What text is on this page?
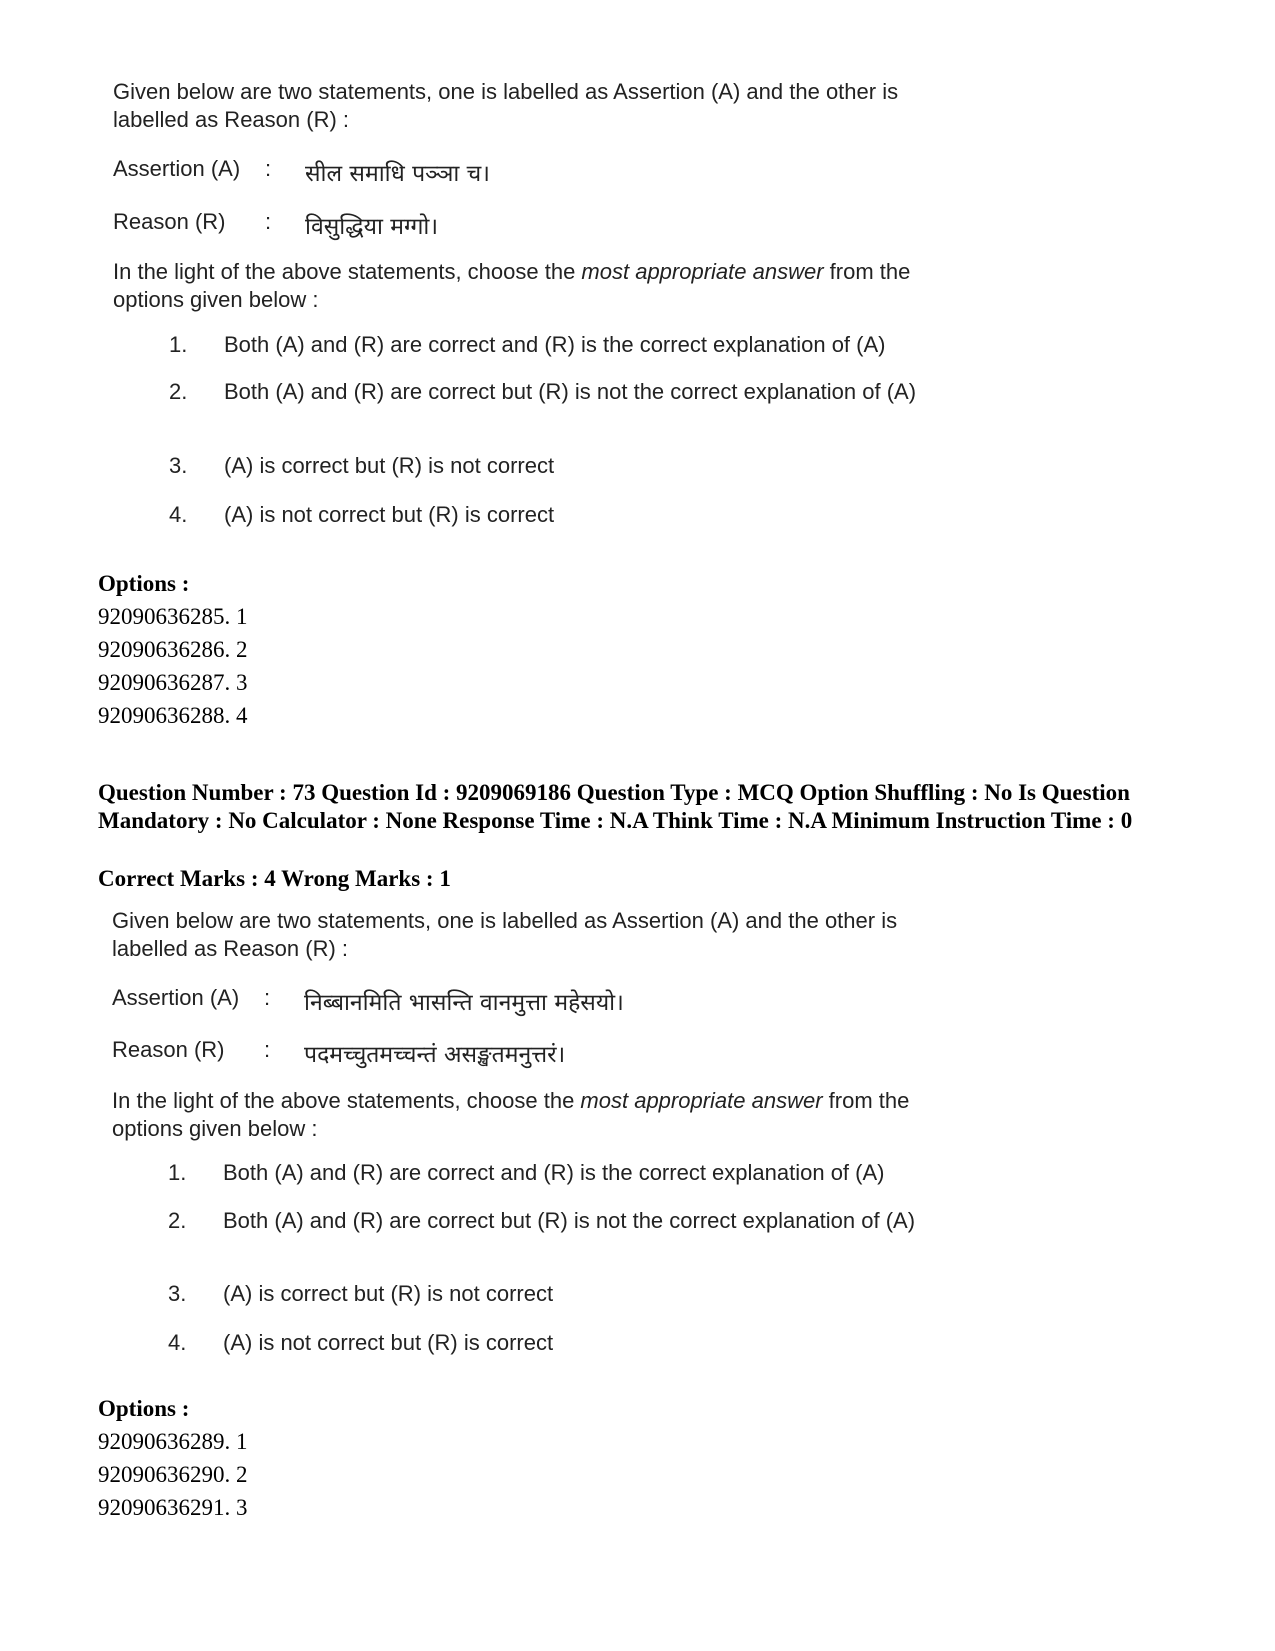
Given below are two statements, one is labelled as Assertion (A) and the other is labelled as Reason (R) :
Assertion (A)	: सील समाधि पञ्ञा च।
Reason (R)	: विसुद्धिया मग्गो।
In the light of the above statements, choose the most appropriate answer from the options given below :
1. Both (A) and (R) are correct and (R) is the correct explanation of (A)
2. Both (A) and (R) are correct but (R) is not the correct explanation of (A)
3. (A) is correct but (R) is not correct
4. (A) is not correct but (R) is correct
Options :
92090636285. 1
92090636286. 2
92090636287. 3
92090636288. 4
Question Number : 73 Question Id : 9209069186 Question Type : MCQ Option Shuffling : No Is Question Mandatory : No Calculator : None Response Time : N.A Think Time : N.A Minimum Instruction Time : 0
Correct Marks : 4 Wrong Marks : 1
Given below are two statements, one is labelled as Assertion (A) and the other is labelled as Reason (R) :
Assertion (A)	: निब्बानमिति भासन्ति वानमुत्ता महेसयो।
Reason (R)	: पदमच्चुतमच्चन्तं असङ्खतमनुत्तरं।
In the light of the above statements, choose the most appropriate answer from the options given below :
1. Both (A) and (R) are correct and (R) is the correct explanation of (A)
2. Both (A) and (R) are correct but (R) is not the correct explanation of (A)
3. (A) is correct but (R) is not correct
4. (A) is not correct but (R) is correct
Options :
92090636289. 1
92090636290. 2
92090636291. 3
